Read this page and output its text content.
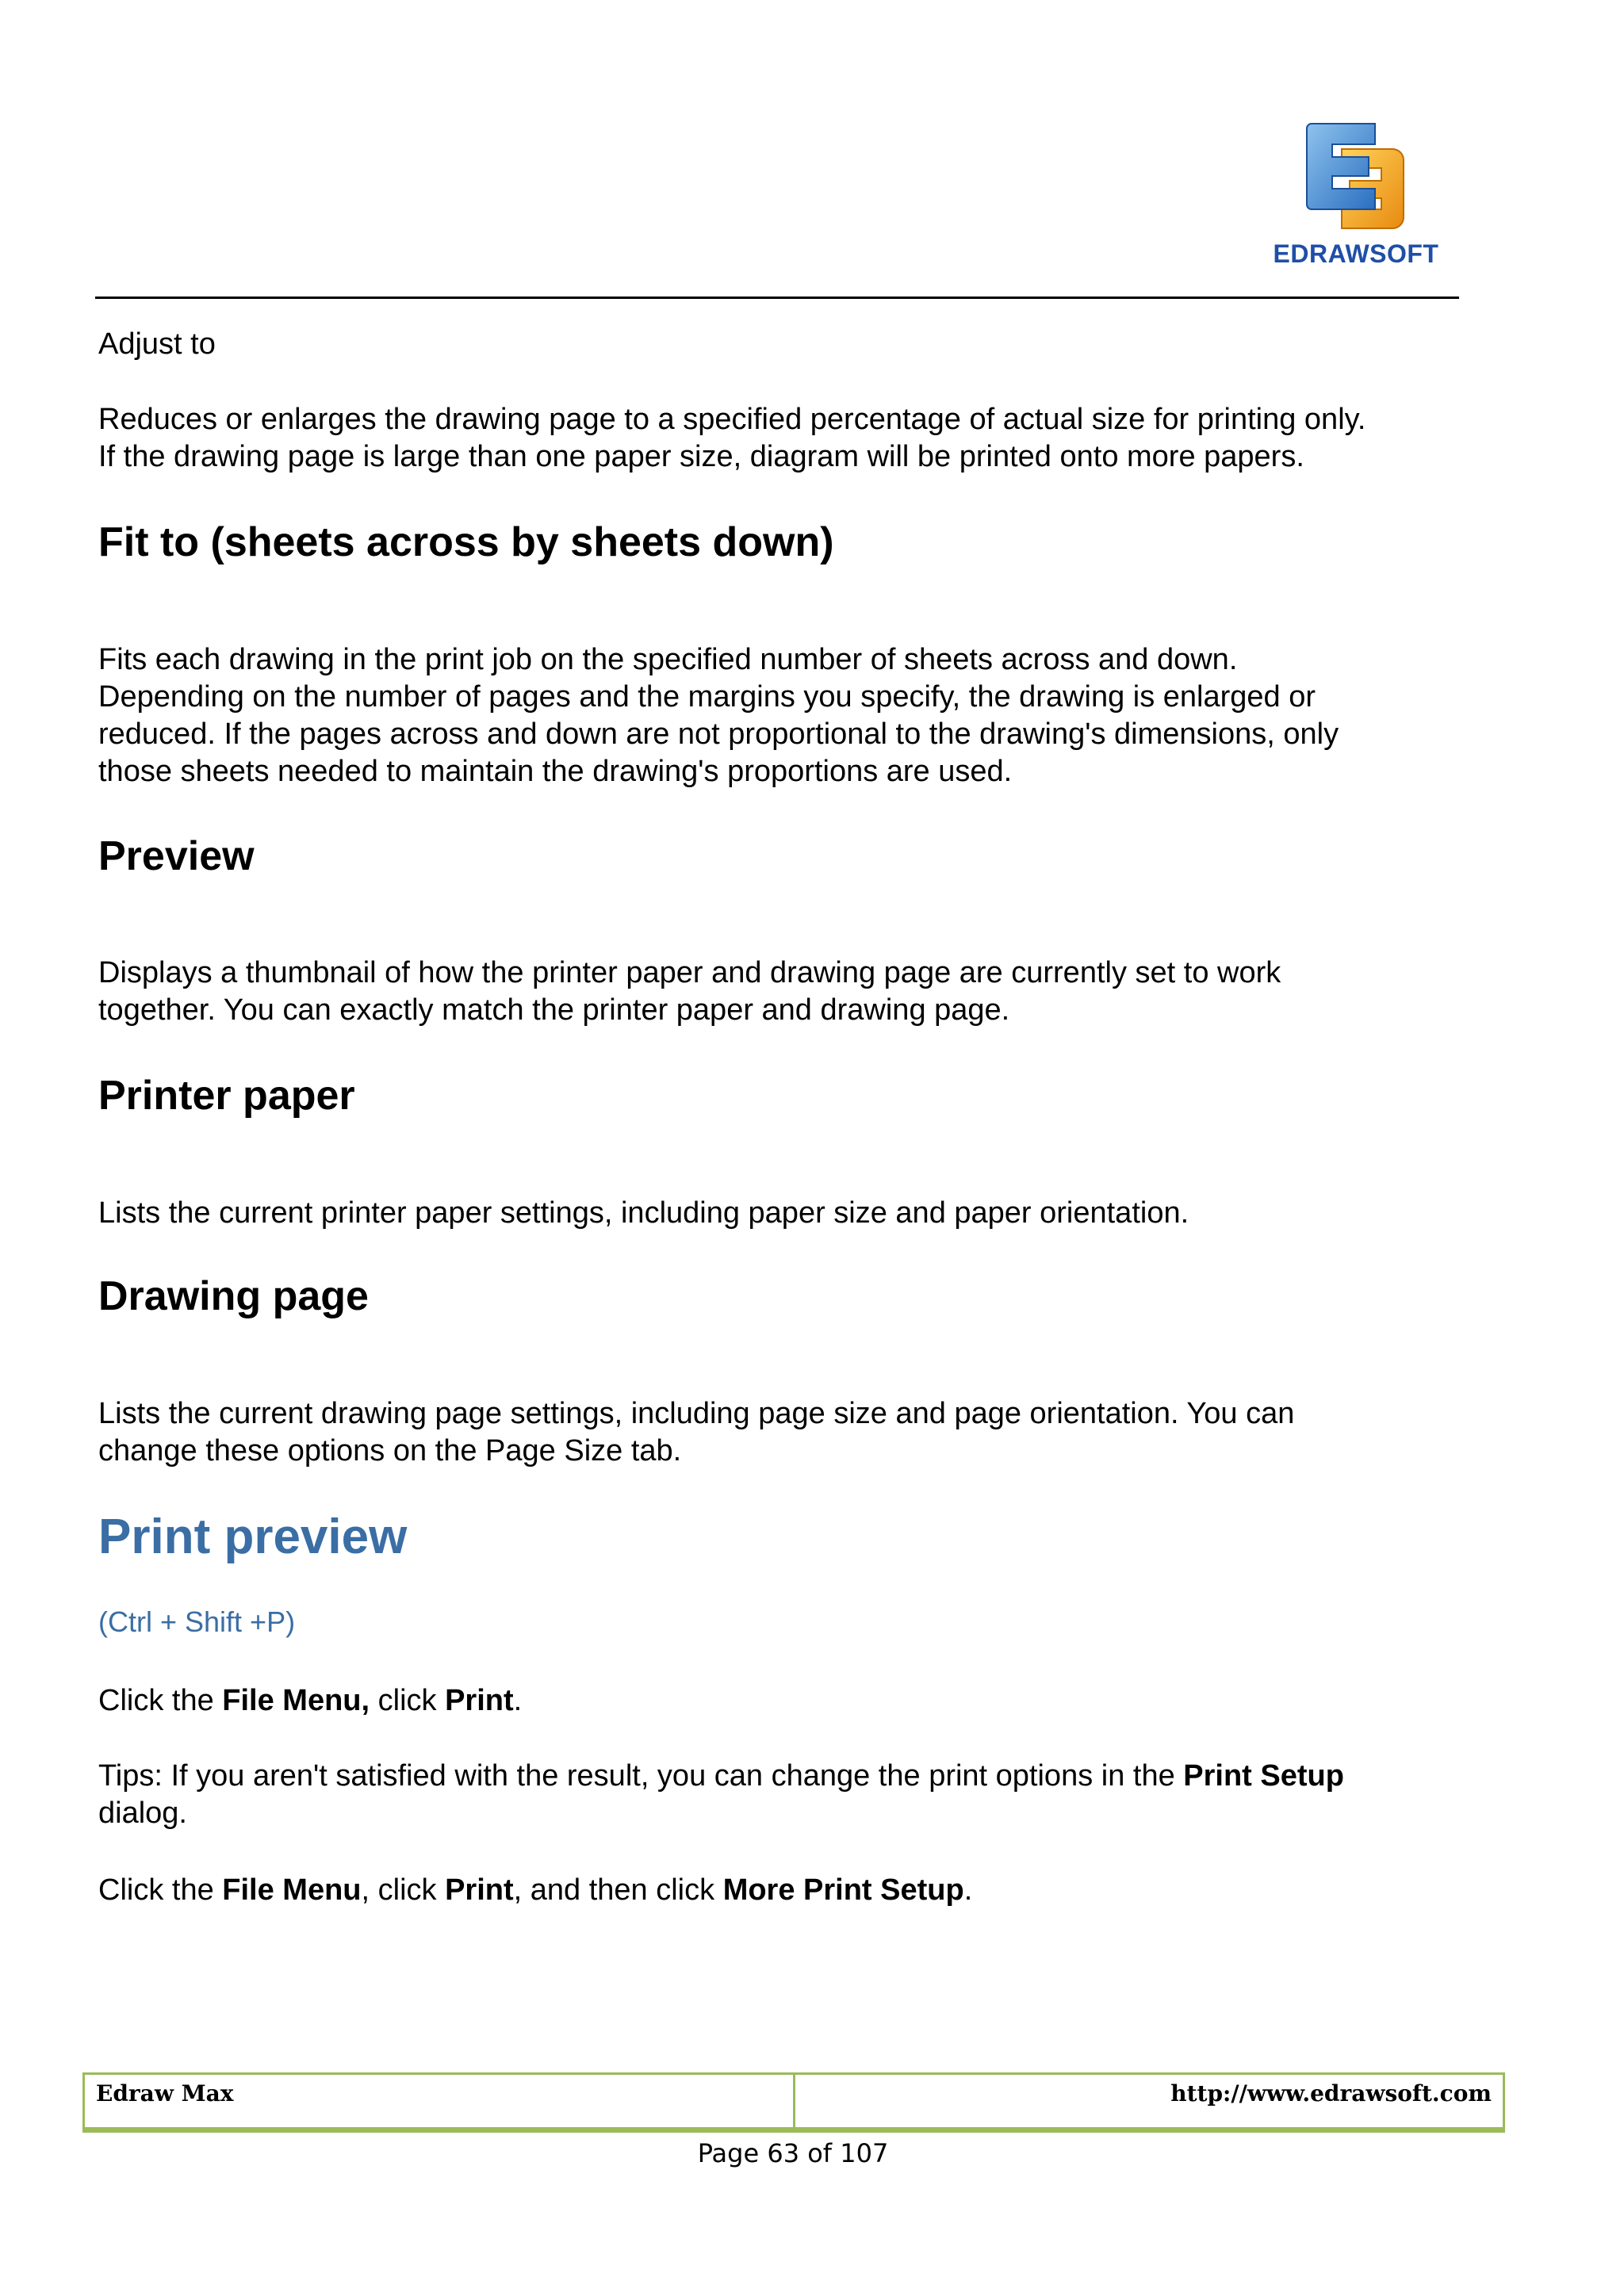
EDRAWSOFT

Adjust to

Reduces or enlarges the drawing page to a specified percentage of actual size for printing only.

If the drawing page is large than one paper size, diagram will be printed onto more papers.

Fit to (sheets across by sheets down)

Fits each drawing in the print job on the specified number of sheets across and down.

Depending on the number of pages and the margins you specify, the drawing is enlarged or

reduced. If the pages across and down are not proportional to the drawing's dimensions, only

those sheets needed to maintain the drawing's proportions are used.

Preview

Displays a thumbnail of how the printer paper and drawing page are currently set to work

together. You can exactly match the printer paper and drawing page.

Printer paper

Lists the current printer paper settings, including paper size and paper orientation.

Drawing page

Lists the current drawing page settings, including page size and page orientation. You can

change these options on the Page Size tab.

Print preview

(Ctrl + Shift +P)

Click the File Menu, click Print.

Tips: If you aren't satisfied with the result, you can change the print options in the Print Setup

dialog.

Click the File Menu, click Print, and then click More Print Setup.

Edraw Max	http://www.edrawsoft.com
Page 63 of 107
